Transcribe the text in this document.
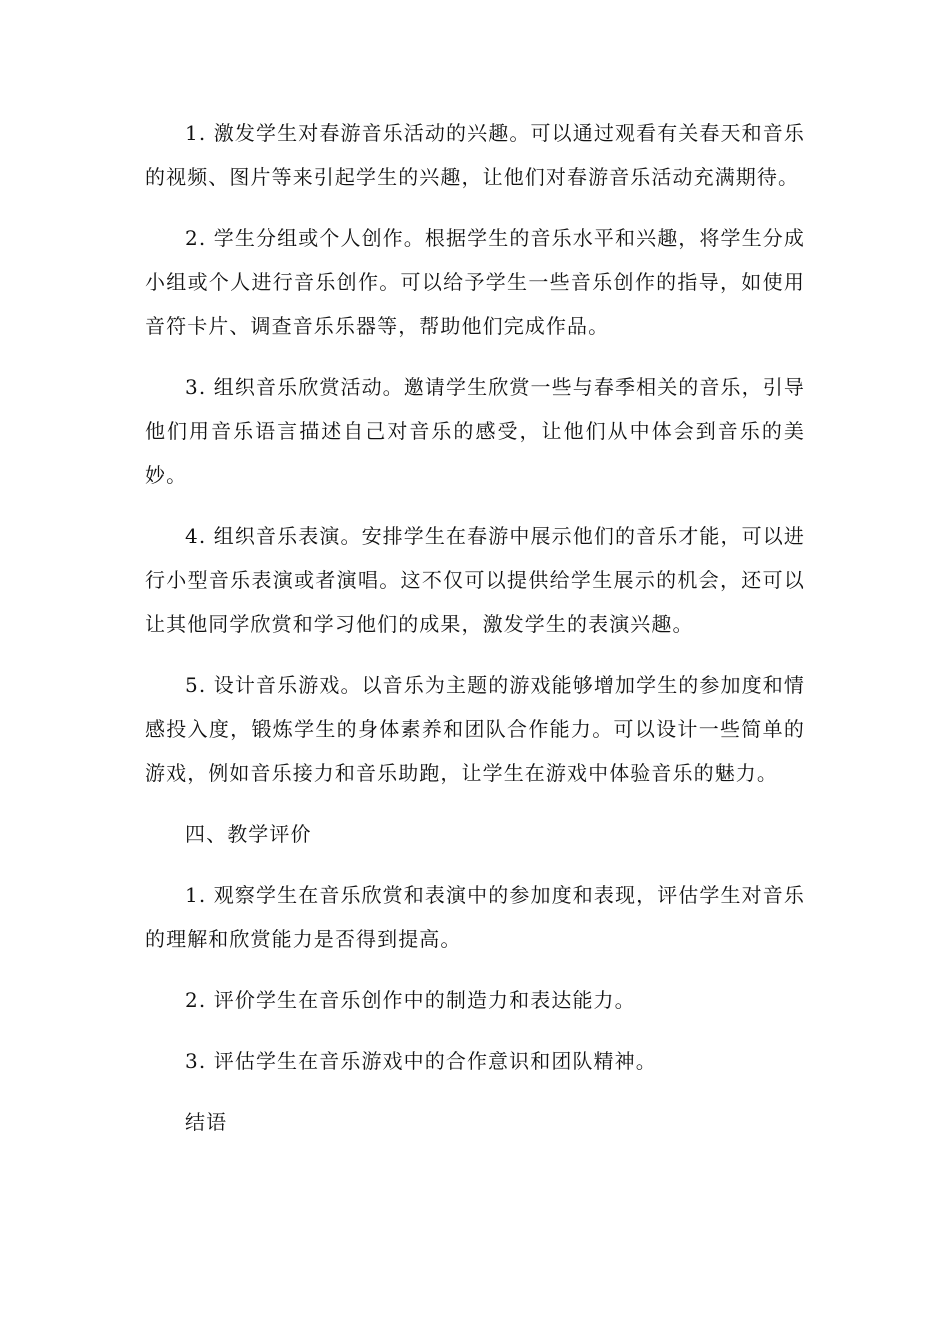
1. 激发学生对春游音乐活动的兴趣。可以通过观看有关春天和音乐的视频、图片等来引起学生的兴趣，让他们对春游音乐活动充满期待。

2. 学生分组或个人创作。根据学生的音乐水平和兴趣，将学生分成小组或个人进行音乐创作。可以给予学生一些音乐创作的指导，如使用音符卡片、调查音乐乐器等，帮助他们完成作品。

3. 组织音乐欣赏活动。邀请学生欣赏一些与春季相关的音乐，引导他们用音乐语言描述自己对音乐的感受，让他们从中体会到音乐的美妙。

4. 组织音乐表演。安排学生在春游中展示他们的音乐才能，可以进行小型音乐表演或者演唱。这不仅可以提供给学生展示的机会，还可以让其他同学欣赏和学习他们的成果，激发学生的表演兴趣。

5. 设计音乐游戏。以音乐为主题的游戏能够增加学生的参加度和情感投入度，锻炼学生的身体素养和团队合作能力。可以设计一些简单的游戏，例如音乐接力和音乐助跑，让学生在游戏中体验音乐的魅力。

四、教学评价

1. 观察学生在音乐欣赏和表演中的参加度和表现，评估学生对音乐的理解和欣赏能力是否得到提高。

2. 评价学生在音乐创作中的制造力和表达能力。

3. 评估学生在音乐游戏中的合作意识和团队精神。

结语
